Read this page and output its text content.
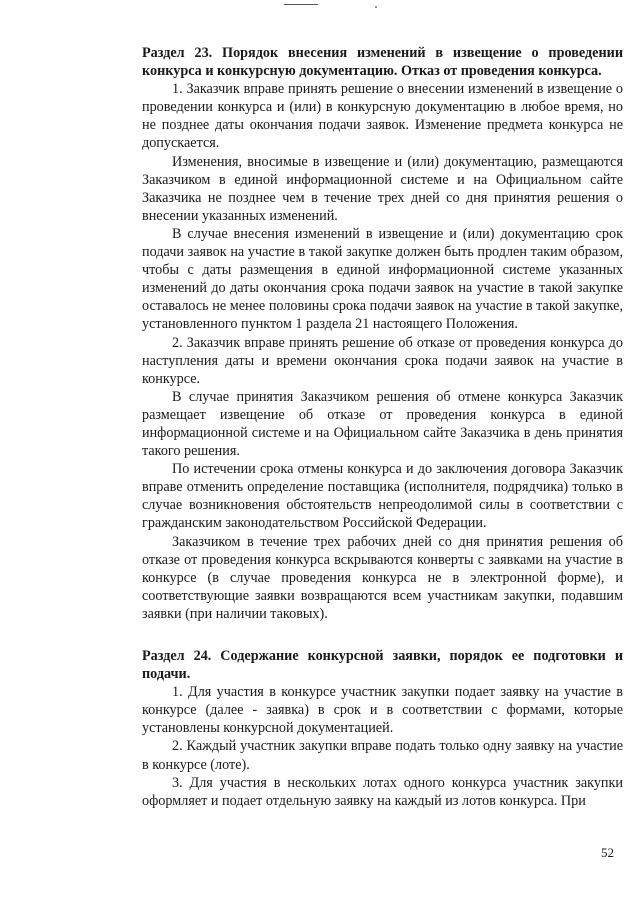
Раздел 23. Порядок внесения изменений в извещение о проведении конкурса и конкурсную документацию. Отказ от проведения конкурса.

1. Заказчик вправе принять решение о внесении изменений в извещение о проведении конкурса и (или) в конкурсную документацию в любое время, но не позднее даты окончания подачи заявок. Изменение предмета конкурса не допускается.

Изменения, вносимые в извещение и (или) документацию, размещаются Заказчиком в единой информационной системе и на Официальном сайте Заказчика не позднее чем в течение трех дней со дня принятия решения о внесении указанных изменений.

В случае внесения изменений в извещение и (или) документацию срок подачи заявок на участие в такой закупке должен быть продлен таким образом, чтобы с даты размещения в единой информационной системе указанных изменений до даты окончания срока подачи заявок на участие в такой закупке оставалось не менее половины срока подачи заявок на участие в такой закупке, установленного пунктом 1 раздела 21 настоящего Положения.

2. Заказчик вправе принять решение об отказе от проведения конкурса до наступления даты и времени окончания срока подачи заявок на участие в конкурсе.

В случае принятия Заказчиком решения об отмене конкурса Заказчик размещает извещение об отказе от проведения конкурса в единой информационной системе и на Официальном сайте Заказчика в день принятия такого решения.

По истечении срока отмены конкурса и до заключения договора Заказчик вправе отменить определение поставщика (исполнителя, подрядчика) только в случае возникновения обстоятельств непреодолимой силы в соответствии с гражданским законодательством Российской Федерации.

Заказчиком в течение трех рабочих дней со дня принятия решения об отказе от проведения конкурса вскрываются конверты с заявками на участие в конкурсе (в случае проведения конкурса не в электронной форме), и соответствующие заявки возвращаются всем участникам закупки, подавшим заявки (при наличии таковых).

Раздел 24. Содержание конкурсной заявки, порядок ее подготовки и подачи.

1. Для участия в конкурсе участник закупки подает заявку на участие в конкурсе (далее - заявка) в срок и в соответствии с формами, которые установлены конкурсной документацией.

2. Каждый участник закупки вправе подать только одну заявку на участие в конкурсе (лоте).

3. Для участия в нескольких лотах одного конкурса участник закупки оформляет и подает отдельную заявку на каждый из лотов конкурса. При

52
